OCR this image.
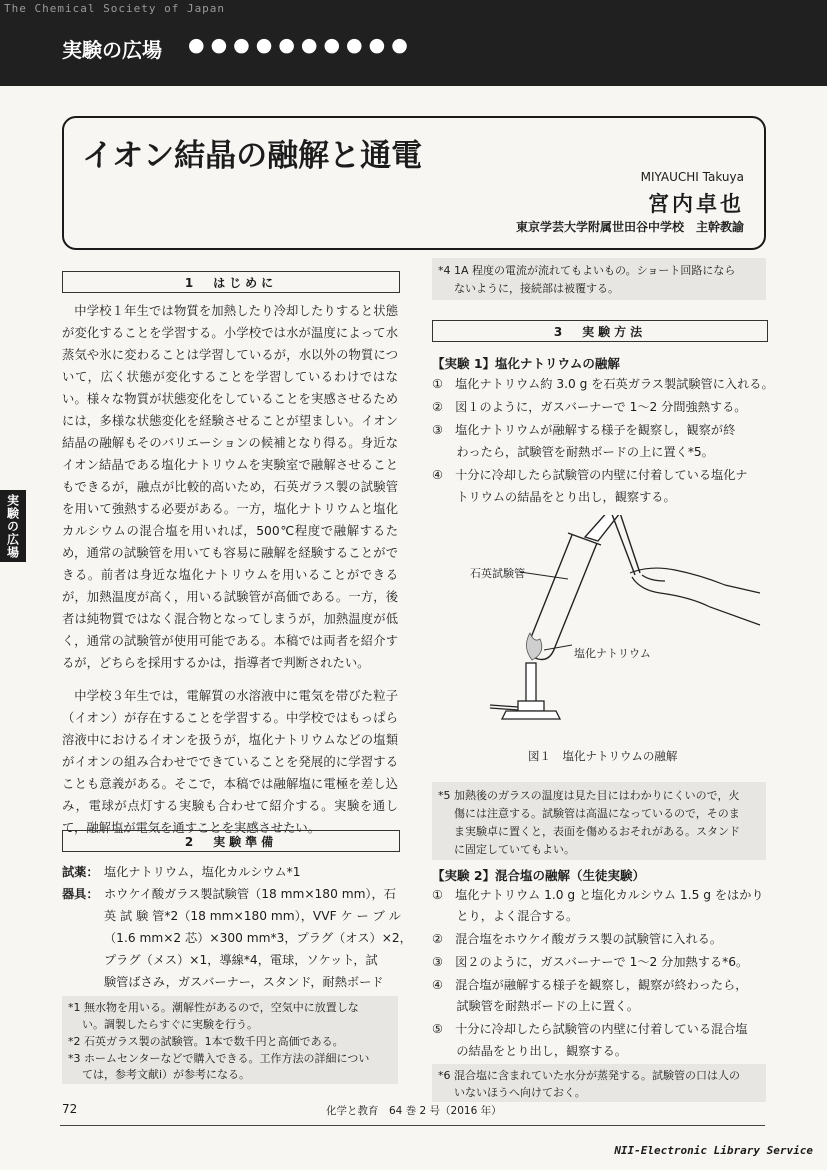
The Chemical Society of Japan
実験の広場 ●●●●●●●●●●
イオン結晶の融解と通電
MIYAUCHI Takuya
宮内卓也
東京学芸大学附属世田谷中学校　主幹教諭
実験の広場
1　はじめに
中学校１年生では物質を加熱したり冷却したりすると状態が変化することを学習する。小学校では水が温度によって水蒸気や氷に変わることは学習しているが，水以外の物質について，広く状態が変化することを学習しているわけではない。様々な物質が状態変化をしていることを実感させるためには，多様な状態変化を経験させることが望ましい。イオン結晶の融解もそのバリエーションの候補となり得る。身近なイオン結晶である塩化ナトリウムを実験室で融解させることもできるが，融点が比較的高いため，石英ガラス製の試験管を用いて強熱する必要がある。一方，塩化ナトリウムと塩化カルシウムの混合塩を用いれば，500℃程度で融解するため，通常の試験管を用いても容易に融解を経験することができる。前者は身近な塩化ナトリウムを用いることができるが，加熱温度が高く，用いる試験管が高価である。一方，後者は純物質ではなく混合物となってしまうが，加熱温度が低く，通常の試験管が使用可能である。本稿では両者を紹介するが，どちらを採用するかは，指導者で判断されたい。
中学校３年生では，電解質の水溶液中に電気を帯びた粒子（イオン）が存在することを学習する。中学校ではもっぱら溶液中におけるイオンを扱うが，塩化ナトリウムなどの塩類がイオンの組み合わせでできていることを発展的に学習することも意義がある。そこで，本稿では融解塩に電極を差し込み，電球が点灯する実験も合わせて紹介する。実験を通して，融解塩が電気を通すことを実感させたい。
2　実験準備
試薬： 塩化ナトリウム，塩化カルシウム*1
器具： ホウケイ酸ガラス製試験管（18 mm×180 mm），石
英 試 験 管*2（18 mm×180 mm），VVF ケ ー ブ ル
（1.6 mm×2 芯）×300 mm*3，プラグ（オス）×2，
プラグ（メス）×1，導線*4，電球，ソケット，試
験管ばさみ，ガスバーナー，スタンド，耐熱ボード
*1 無水物を用いる。潮解性があるので，空気中に放置しな
い。調製したらすぐに実験を行う。
*2 石英ガラス製の試験管。1本で数千円と高価である。
*3 ホームセンターなどで購入できる。工作方法の詳細につい
ては，参考文献ⅰ）が参考になる。
*4 1A 程度の電流が流れてもよいもの。ショート回路になら
ないように，接続部は被覆する。
3　実験方法
【実験 1】塩化ナトリウムの融解
①　塩化ナトリウム約 3.0 g を石英ガラス製試験管に入れる。
②　図１のように，ガスバーナーで 1～2 分間強熱する。
③　塩化ナトリウムが融解する様子を観察し，観察が終
　　わったら，試験管を耐熱ボードの上に置く*5。
④　十分に冷却したら試験管の内壁に付着している塩化ナ
　　トリウムの結晶をとり出し，観察する。
石英試験管
塩化ナトリウム
図１　塩化ナトリウムの融解
*5 加熱後のガラスの温度は見た目にはわかりにくいので，火
傷には注意する。試験管は高温になっているので，そのま
ま実験卓に置くと，表面を傷めるおそれがある。スタンド
に固定していてもよい。
【実験 2】混合塩の融解（生徒実験）
①　塩化ナトリウム 1.0 g と塩化カルシウム 1.5 g をはかり
　　とり，よく混合する。
②　混合塩をホウケイ酸ガラス製の試験管に入れる。
③　図２のように，ガスバーナーで 1～2 分加熱する*6。
④　混合塩が融解する様子を観察し，観察が終わったら，
　　試験管を耐熱ボードの上に置く。
⑤　十分に冷却したら試験管の内壁に付着している混合塩
　　の結晶をとり出し，観察する。
*6 混合塩に含まれていた水分が蒸発する。試験管の口は人の
いないほうへ向けておく。
72	化学と教育　64 巻 2 号（2016 年）
NII-Electronic Library Service
